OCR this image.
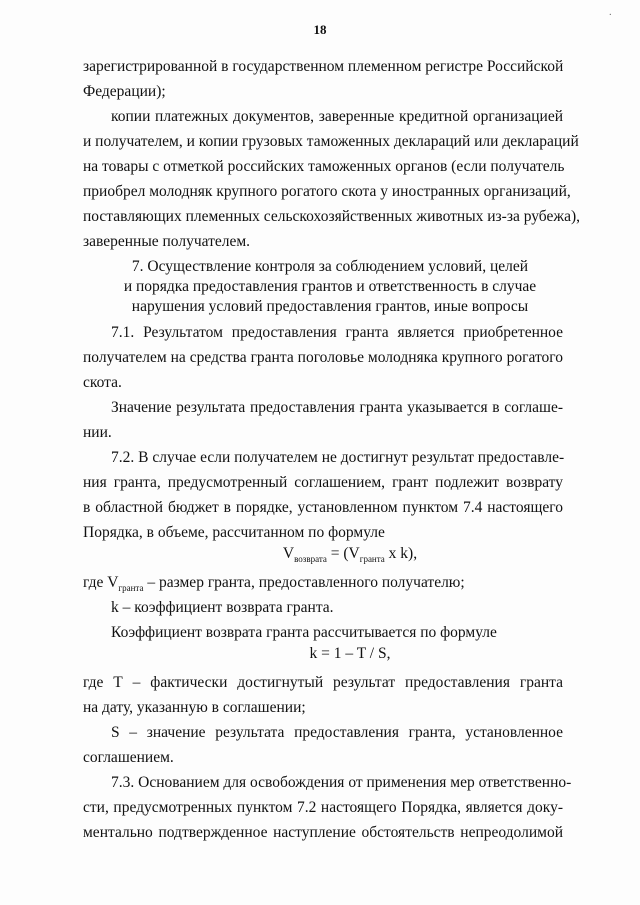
18
·
зарегистрированной в государственном племенном регистре Российской
Федерации);
копии платежных документов, заверенные кредитной организацией
и получателем, и копии грузовых таможенных деклараций или деклараций
на товары с отметкой российских таможенных органов (если получатель
приобрел молодняк крупного рогатого скота у иностранных организаций,
поставляющих племенных сельскохозяйственных животных из-за рубежа),
заверенные получателем.
7. Осуществление контроля за соблюдением условий, целей
и порядка предоставления грантов и ответственность в случае
нарушения условий предоставления грантов, иные вопросы
7.1. Результатом предоставления гранта является приобретенное
получателем на средства гранта поголовье молодняка крупного рогатого
скота.
Значение результата предоставления гранта указывается в соглаше-
нии.
7.2. В случае если получателем не достигнут результат предоставле-
ния гранта, предусмотренный соглашением, грант подлежит возврату
в областной бюджет в порядке, установленном пунктом 7.4 настоящего
Порядка, в объеме, рассчитанном по формуле
$V_{возврата} = (V_{гранта}$ x k),
где $V_{гранта}$ – размер гранта, предоставленного получателю;
k – коэффициент возврата гранта.
Коэффициент возврата гранта рассчитывается по формуле
k = 1 – T / S,
где Т – фактически достигнутый результат предоставления гранта
на дату, указанную в соглашении;
S – значение результата предоставления гранта, установленное
соглашением.
7.3. Основанием для освобождения от применения мер ответственно-
сти, предусмотренных пунктом 7.2 настоящего Порядка, является доку-
ментально подтвержденное наступление обстоятельств непреодолимой
